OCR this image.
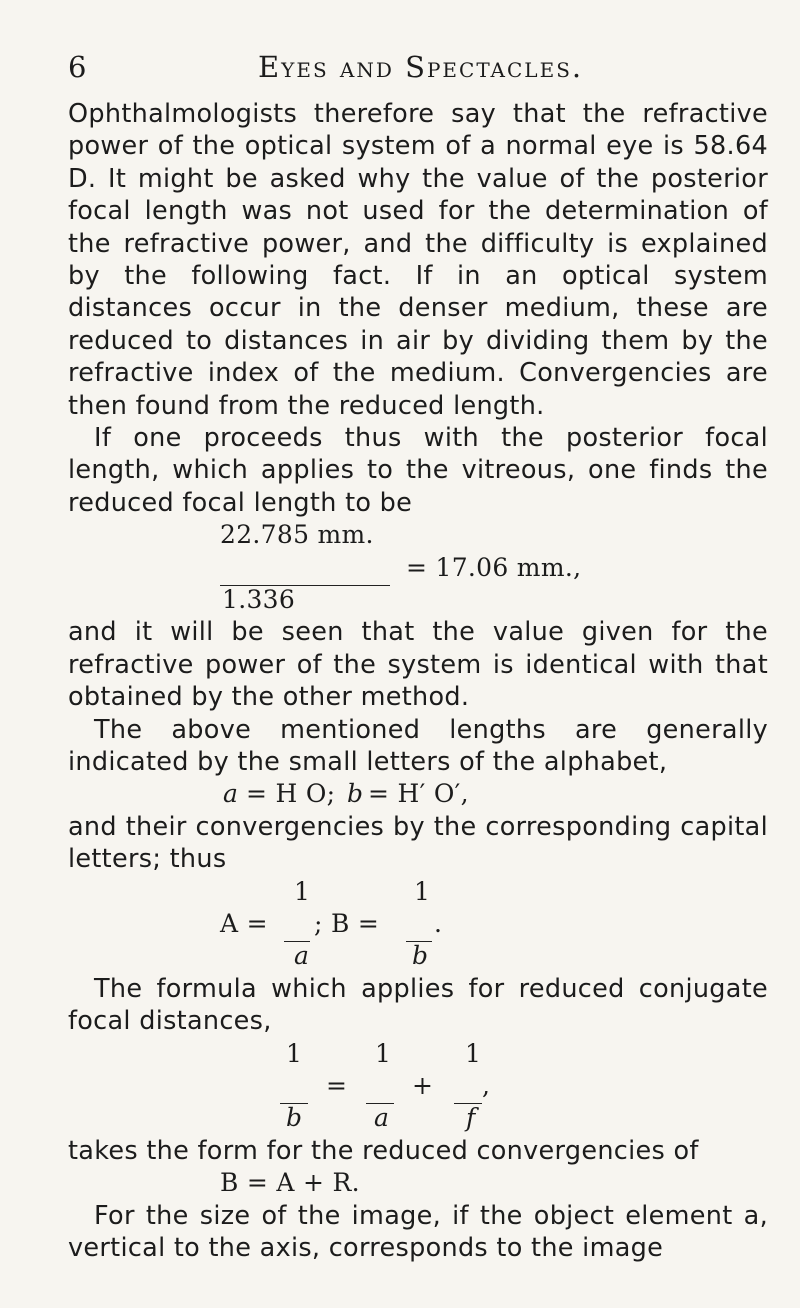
6	Eyes and Spectacles.

Ophthalmologists therefore say that the refractive power of the optical system of a normal eye is 58.64 D. It might be asked why the value of the posterior focal length was not used for the determination of the refractive power, and the difficulty is explained by the following fact. If in an optical system distances occur in the denser medium, these are reduced to distances in air by dividing them by the refractive index of the medium. Convergencies are then found from the reduced length.

If one proceeds thus with the posterior focal length, which applies to the vitreous, one finds the reduced focal length to be

22.785 mm.
= 17.06 mm.,
1.336

and it will be seen that the value given for the refractive power of the system is identical with that obtained by the other method.

The above mentioned lengths are generally indicated by the small letters of the alphabet,

a = H O; b = H′ O′,

and their convergencies by the corresponding capital letters; thus

1	1
A = ; B = .
a	b

The formula which applies for reduced conjugate focal distances,

1	1	1
=	+ ,
b	a	f

takes the form for the reduced convergencies of

B = A + R.

For the size of the image, if the object element a, vertical to the axis, corresponds to the image
